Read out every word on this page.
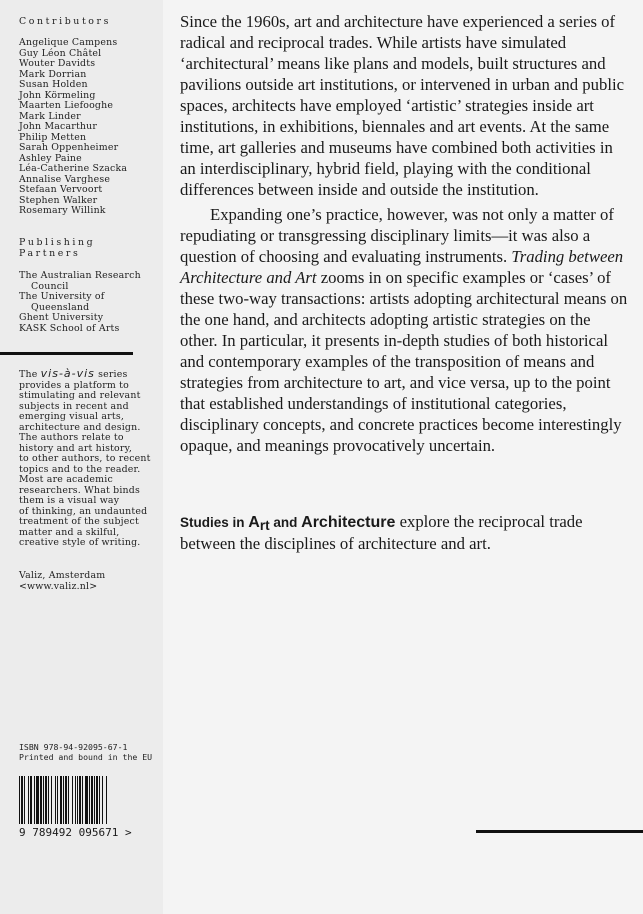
Contributors
Angelique Campens
Guy Léon Châtel
Wouter Davidts
Mark Dorrian
Susan Holden
John Körmeling
Maarten Liefooghe
Mark Linder
John Macarthur
Philip Metten
Sarah Oppenheimer
Ashley Paine
Léa-Catherine Szacka
Annalise Varghese
Stefaan Vervoort
Stephen Walker
Rosemary Willink
Publishing
Partners
The Australian Research
Council
The University of
Queensland
Ghent University
KASK School of Arts
The vis-à-vis series
provides a platform to
stimulating and relevant
subjects in recent and
emerging visual arts,
architecture and design.
The authors relate to
history and art history,
to other authors, to recent
topics and to the reader.
Most are academic
researchers. What binds
them is a visual way
of thinking, an undaunted
treatment of the subject
matter and a skilful,
creative style of writing.
Valiz, Amsterdam
<www.valiz.nl>
ISBN 978-94-92095-67-1
Printed and bound in the EU
9 789492 095671 >

Since the 1960s, art and architecture have experienced a series of radical and reciprocal trades. While artists have simulated ‘architectural’ means like plans and models, built structures and pavilions outside art institutions, or intervened in urban and public spaces, architects have employed ‘artistic’ strategies inside art institutions, in exhibitions, biennales and art events. At the same time, art galleries and museums have combined both activities in an interdisciplinary, hybrid field, playing with the conditional differences between inside and outside the institution.

Expanding one’s practice, however, was not only a matter of repudiating or transgressing disciplinary limits—it was also a question of choosing and evaluating instruments. Trading between Architecture and Art zooms in on specific examples or ‘cases’ of these two-way transactions: artists adopting architectural means on the one hand, and architects adopting artistic strategies on the other. In particular, it presents in-depth studies of both historical and contemporary examples of the transposition of means and strategies from architecture to art, and vice versa, up to the point that established understandings of institutional categories, disciplinary concepts, and concrete practices become interestingly opaque, and meanings provocatively uncertain.

Studies in Art and Architecture explore the reciprocal trade between the disciplines of architecture and art.
